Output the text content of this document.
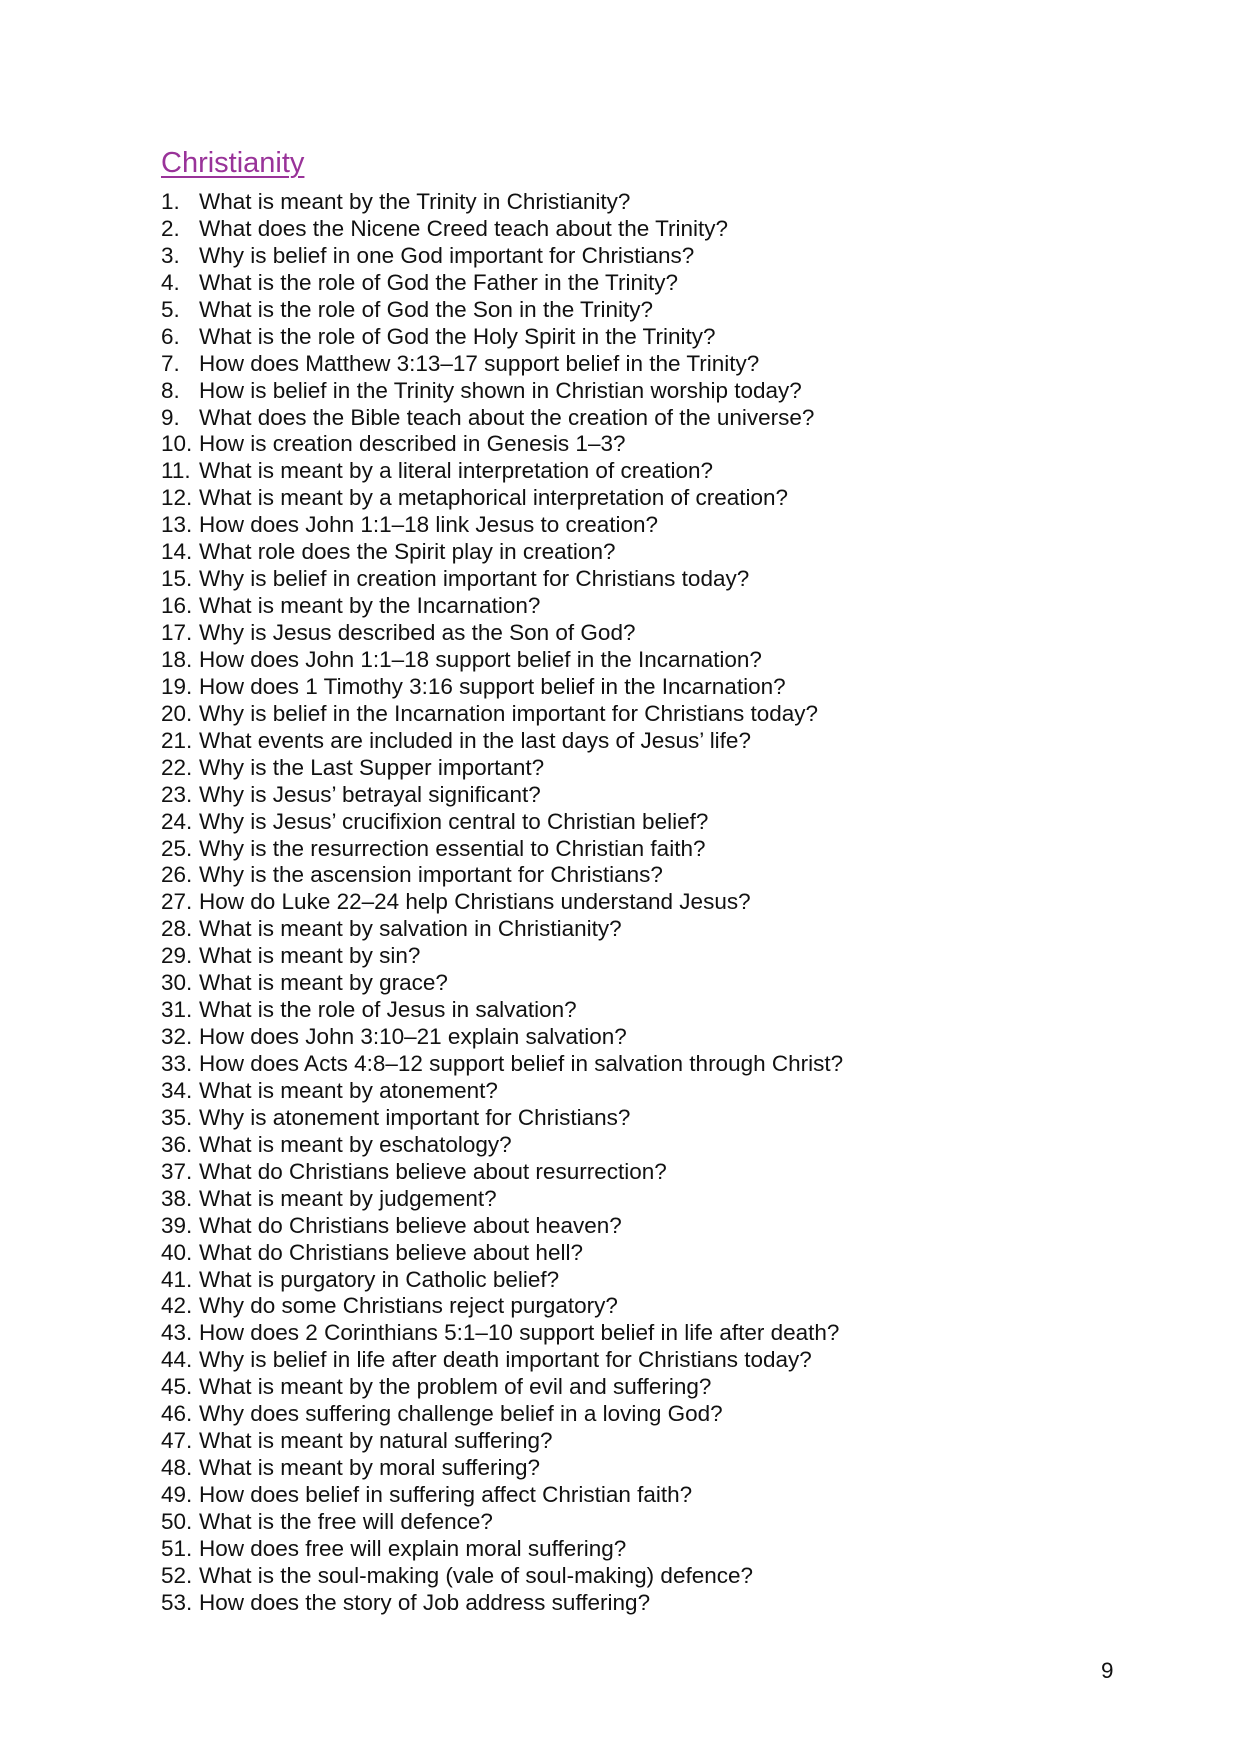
Christianity
1. What is meant by the Trinity in Christianity?
2. What does the Nicene Creed teach about the Trinity?
3. Why is belief in one God important for Christians?
4. What is the role of God the Father in the Trinity?
5. What is the role of God the Son in the Trinity?
6. What is the role of God the Holy Spirit in the Trinity?
7. How does Matthew 3:13–17 support belief in the Trinity?
8. How is belief in the Trinity shown in Christian worship today?
9. What does the Bible teach about the creation of the universe?
10. How is creation described in Genesis 1–3?
11. What is meant by a literal interpretation of creation?
12. What is meant by a metaphorical interpretation of creation?
13. How does John 1:1–18 link Jesus to creation?
14. What role does the Spirit play in creation?
15. Why is belief in creation important for Christians today?
16. What is meant by the Incarnation?
17. Why is Jesus described as the Son of God?
18. How does John 1:1–18 support belief in the Incarnation?
19. How does 1 Timothy 3:16 support belief in the Incarnation?
20. Why is belief in the Incarnation important for Christians today?
21. What events are included in the last days of Jesus’ life?
22. Why is the Last Supper important?
23. Why is Jesus’ betrayal significant?
24. Why is Jesus’ crucifixion central to Christian belief?
25. Why is the resurrection essential to Christian faith?
26. Why is the ascension important for Christians?
27. How do Luke 22–24 help Christians understand Jesus?
28. What is meant by salvation in Christianity?
29. What is meant by sin?
30. What is meant by grace?
31. What is the role of Jesus in salvation?
32. How does John 3:10–21 explain salvation?
33. How does Acts 4:8–12 support belief in salvation through Christ?
34. What is meant by atonement?
35. Why is atonement important for Christians?
36. What is meant by eschatology?
37. What do Christians believe about resurrection?
38. What is meant by judgement?
39. What do Christians believe about heaven?
40. What do Christians believe about hell?
41. What is purgatory in Catholic belief?
42. Why do some Christians reject purgatory?
43. How does 2 Corinthians 5:1–10 support belief in life after death?
44. Why is belief in life after death important for Christians today?
45. What is meant by the problem of evil and suffering?
46. Why does suffering challenge belief in a loving God?
47. What is meant by natural suffering?
48. What is meant by moral suffering?
49. How does belief in suffering affect Christian faith?
50. What is the free will defence?
51. How does free will explain moral suffering?
52. What is the soul-making (vale of soul-making) defence?
53. How does the story of Job address suffering?
9
